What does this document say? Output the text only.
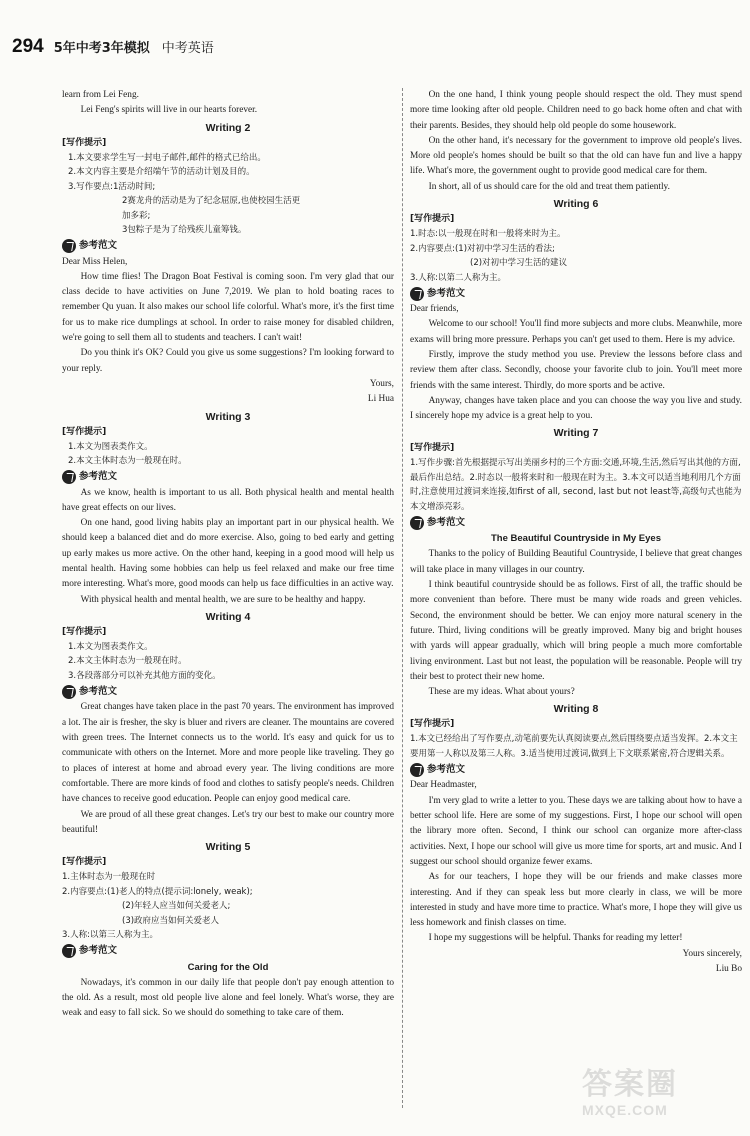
294 5年中考3年模拟 中考英语

learn from Lei Feng.

Lei Feng's spirits will live in our hearts forever.

Writing 2
[写作提示]
1.本文要求学生写一封电子邮件,邮件的格式已给出。
2.本文内容主要是介绍端午节的活动计划及目的。
3.写作要点:1活动时间;
2赛龙舟的活动是为了纪念屈原,也使校园生活更
加多彩;
3包粽子是为了给残疾儿童筹钱。
参考范文

Dear Miss Helen,

How time flies! The Dragon Boat Festival is coming soon. I'm very glad that our class decide to have activities on June 7,2019. We plan to hold boating races to remember Qu yuan. It also makes our school life colorful. What's more, it's the first time for us to make rice dumplings at school. In order to raise money for disabled children, we're going to sell them all to students and teachers. I can't wait!

Do you think it's OK? Could you give us some suggestions? I'm looking forward to your reply.

Yours,

Li Hua

Writing 3
[写作提示]
1.本文为图表类作文。
2.本文主体时态为一般现在时。
参考范文

As we know, health is important to us all. Both physical health and mental health have great effects on our lives.

On one hand, good living habits play an important part in our physical health. We should keep a balanced diet and do more exercise. Also, going to bed early and getting up early makes us more active. On the other hand, keeping in a good mood will help us mental health. Having some hobbies can help us feel relaxed and make our free time more interesting. What's more, good moods can help us face difficulties in an active way.

With physical health and mental health, we are sure to be healthy and happy.

Writing 4
[写作提示]
1.本文为图表类作文。
2.本文主体时态为一般现在时。
3.各段落部分可以补充其他方面的变化。
参考范文

Great changes have taken place in the past 70 years. The environment has improved a lot. The air is fresher, the sky is bluer and rivers are cleaner. The mountains are covered with green trees. The Internet connects us to the world. It's easy and quick for us to communicate with others on the Internet. More and more people like traveling. They go to places of interest at home and abroad every year. The living conditions are more comfortable. There are more kinds of food and clothes to satisfy people's needs. Children have chances to receive good education. People can enjoy good medical care.

We are proud of all these great changes. Let's try our best to make our country more beautiful!

Writing 5
[写作提示]
1.主体时态为一般现在时
2.内容要点:(1)老人的特点(提示词:lonely, weak);
(2)年轻人应当如何关爱老人;
(3)政府应当如何关爱老人
3.人称:以第三人称为主。
参考范文
Caring for the Old

Nowadays, it's common in our daily life that people don't pay enough attention to the old. As a result, most old people live alone and feel lonely. What's worse, they are weak and easy to fall sick. So we should do something to take care of them.

On the one hand, I think young people should respect the old. They must spend more time looking after old people. Children need to go back home often and chat with their parents. Besides, they should help old people do some housework.

On the other hand, it's necessary for the government to improve old people's lives. More old people's homes should be built so that the old can have fun and live a happy life. What's more, the government ought to provide good medical care for them.

In short, all of us should care for the old and treat them patiently.

Writing 6
[写作提示]
1.时态:以一般现在时和一般将来时为主。
2.内容要点:(1)对初中学习生活的看法;
(2)对初中学习生活的建议
3.人称:以第二人称为主。
参考范文

Dear friends,

Welcome to our school! You'll find more subjects and more clubs. Meanwhile, more exams will bring more pressure. Perhaps you can't get used to them. Here is my advice.

Firstly, improve the study method you use. Preview the lessons before class and review them after class. Secondly, choose your favorite club to join. You'll meet more friends with the same interest. Thirdly, do more sports and be active.

Anyway, changes have taken place and you can choose the way you live and study. I sincerely hope my advice is a great help to you.

Writing 7
[写作提示]
1.写作步骤:首先根据提示写出美丽乡村的三个方面:交通,环境,生活,然后写出其他的方面,最后作出总结。2.时态以一般将来时和一般现在时为主。3.本文可以适当地利用几个方面时,注意使用过渡词来连接,如first of all, second, last but not least等,高级句式也能为本文增添亮彩。
参考范文
The Beautiful Countryside in My Eyes

Thanks to the policy of Building Beautiful Countryside, I believe that great changes will take place in many villages in our country.

I think beautiful countryside should be as follows. First of all, the traffic should be more convenient than before. There must be many wide roads and green vehicles. Second, the environment should be better. We can enjoy more natural scenery in the future. Third, living conditions will be greatly improved. Many big and bright houses with yards will appear gradually, which will bring people a much more comfortable living environment. Last but not least, the population will be reasonable. People will try their best to protect their new home.

These are my ideas. What about yours?

Writing 8
[写作提示]
1.本文已经给出了写作要点,动笔前要先认真阅读要点,然后围绕要点适当发挥。2.本文主要用第一人称以及第三人称。3.适当使用过渡词,做到上下文联系紧密,符合逻辑关系。
参考范文

Dear Headmaster,

I'm very glad to write a letter to you. These days we are talking about how to have a better school life. Here are some of my suggestions. First, I hope our school will open the library more often. Second, I think our school can organize more after-class activities. Next, I hope our school will give us more time for sports, art and music. And I suggest our school should organize fewer exams.

As for our teachers, I hope they will be our friends and make classes more interesting. And if they can speak less but more clearly in class, we will be more interested in study and have more time to practice. What's more, I hope they will give us less homework and finish classes on time.

I hope my suggestions will be helpful. Thanks for reading my letter!

Yours sincerely,

Liu Bo

答案圈
MXQE.COM
